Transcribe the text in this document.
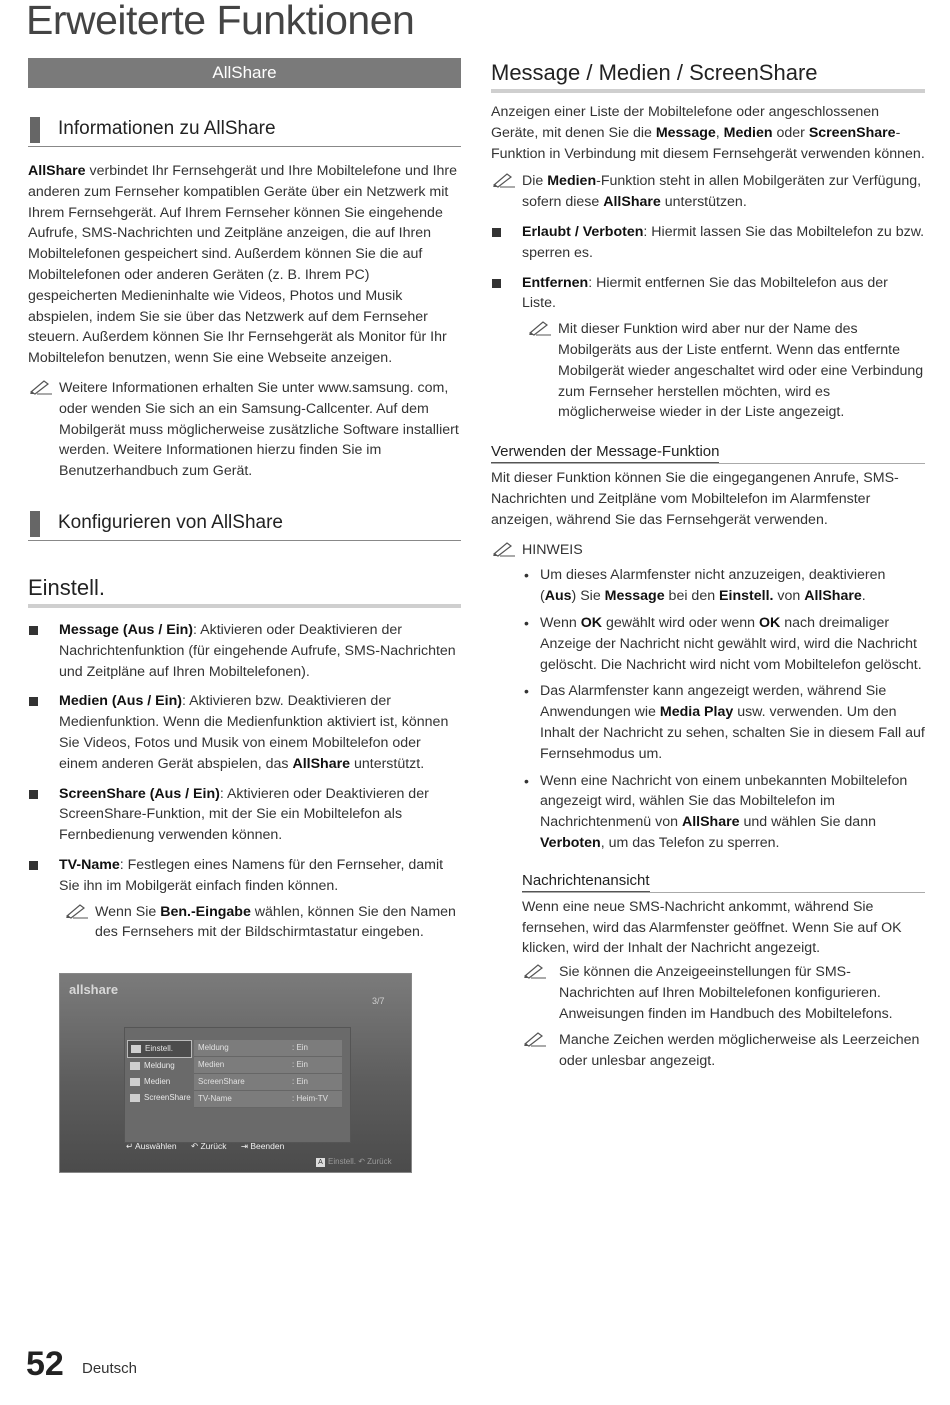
Erweiterte Funktionen
AllShare
Informationen zu AllShare
AllShare verbindet Ihr Fernsehgerät und Ihre Mobiltelefone und Ihre anderen zum Fernseher kompatiblen Geräte über ein Netzwerk mit Ihrem Fernsehgerät. Auf Ihrem Fernseher können Sie eingehende Aufrufe, SMS-Nachrichten und Zeitpläne anzeigen, die auf Ihren Mobiltelefonen gespeichert sind. Außerdem können Sie die auf Mobiltelefonen oder anderen Geräten (z. B. Ihrem PC) gespeicherten Medieninhalte wie Videos, Photos und Musik abspielen, indem Sie sie über das Netzwerk auf dem Fernseher steuern. Außerdem können Sie Ihr Fernsehgerät als Monitor für Ihr Mobiltelefon benutzen, wenn Sie eine Webseite anzeigen.
Weitere Informationen erhalten Sie unter www.samsung. com, oder wenden Sie sich an ein Samsung-Callcenter. Auf dem Mobilgerät muss möglicherweise zusätzliche Software installiert werden. Weitere Informationen hierzu finden Sie im Benutzerhandbuch zum Gerät.
Konfigurieren von AllShare
Einstell.
Message (Aus / Ein): Aktivieren oder Deaktivieren der Nachrichtenfunktion (für eingehende Aufrufe, SMS-Nachrichten und Zeitpläne auf Ihren Mobiltelefonen).
Medien (Aus / Ein): Aktivieren bzw. Deaktivieren der Medienfunktion. Wenn die Medienfunktion aktiviert ist, können Sie Videos, Fotos und Musik von einem Mobiltelefon oder einem anderen Gerät abspielen, das AllShare unterstützt.
ScreenShare (Aus / Ein): Aktivieren oder Deaktivieren der ScreenShare-Funktion, mit der Sie ein Mobiltelefon als Fernbedienung verwenden können.
TV-Name: Festlegen eines Namens für den Fernseher, damit Sie ihn im Mobilgerät einfach finden können.
Wenn Sie Ben.-Eingabe wählen, können Sie den Namen des Fernsehers mit der Bildschirmtastatur eingeben.
allshare
3/7
Einstell.
Meldung
Medien
ScreenShare
Meldung	: Ein
Medien	: Ein
ScreenShare	: Ein
TV-Name	: Heim-TV
↵ Auswählen ↶ Zurück ⇥ Beenden
A Einstell. ↶ Zurück
Message / Medien / ScreenShare
Anzeigen einer Liste der Mobiltelefone oder angeschlossenen Geräte, mit denen Sie die Message, Medien oder ScreenShare-Funktion in Verbindung mit diesem Fernsehgerät verwenden können.
Die Medien-Funktion steht in allen Mobilgeräten zur Verfügung, sofern diese AllShare unterstützen.
Erlaubt / Verboten: Hiermit lassen Sie das Mobiltelefon zu bzw. sperren es.
Entfernen: Hiermit entfernen Sie das Mobiltelefon aus der Liste.
Mit dieser Funktion wird aber nur der Name des Mobilgeräts aus der Liste entfernt. Wenn das entfernte Mobilgerät wieder angeschaltet wird oder eine Verbindung zum Fernseher herstellen möchten, wird es möglicherweise wieder in der Liste angezeigt.
Verwenden der Message-Funktion
Mit dieser Funktion können Sie die eingegangenen Anrufe, SMS-Nachrichten und Zeitpläne vom Mobiltelefon im Alarmfenster anzeigen, während Sie das Fernsehgerät verwenden.
HINWEIS
• Um dieses Alarmfenster nicht anzuzeigen, deaktivieren (Aus) Sie Message bei den Einstell. von AllShare.
• Wenn OK gewählt wird oder wenn OK nach dreimaliger Anzeige der Nachricht nicht gewählt wird, wird die Nachricht gelöscht. Die Nachricht wird nicht vom Mobiltelefon gelöscht.
• Das Alarmfenster kann angezeigt werden, während Sie Anwendungen wie Media Play usw. verwenden. Um den Inhalt der Nachricht zu sehen, schalten Sie in diesem Fall auf Fernsehmodus um.
• Wenn eine Nachricht von einem unbekannten Mobiltelefon angezeigt wird, wählen Sie das Mobiltelefon im Nachrichtenmenü von AllShare und wählen Sie dann Verboten, um das Telefon zu sperren.
Nachrichtenansicht
Wenn eine neue SMS-Nachricht ankommt, während Sie fernsehen, wird das Alarmfenster geöffnet. Wenn Sie auf OK klicken, wird der Inhalt der Nachricht angezeigt.
Sie können die Anzeigeeinstellungen für SMS-Nachrichten auf Ihren Mobiltelefonen konfigurieren. Anweisungen finden im Handbuch des Mobiltelefons.
Manche Zeichen werden möglicherweise als Leerzeichen oder unlesbar angezeigt.
52 Deutsch
